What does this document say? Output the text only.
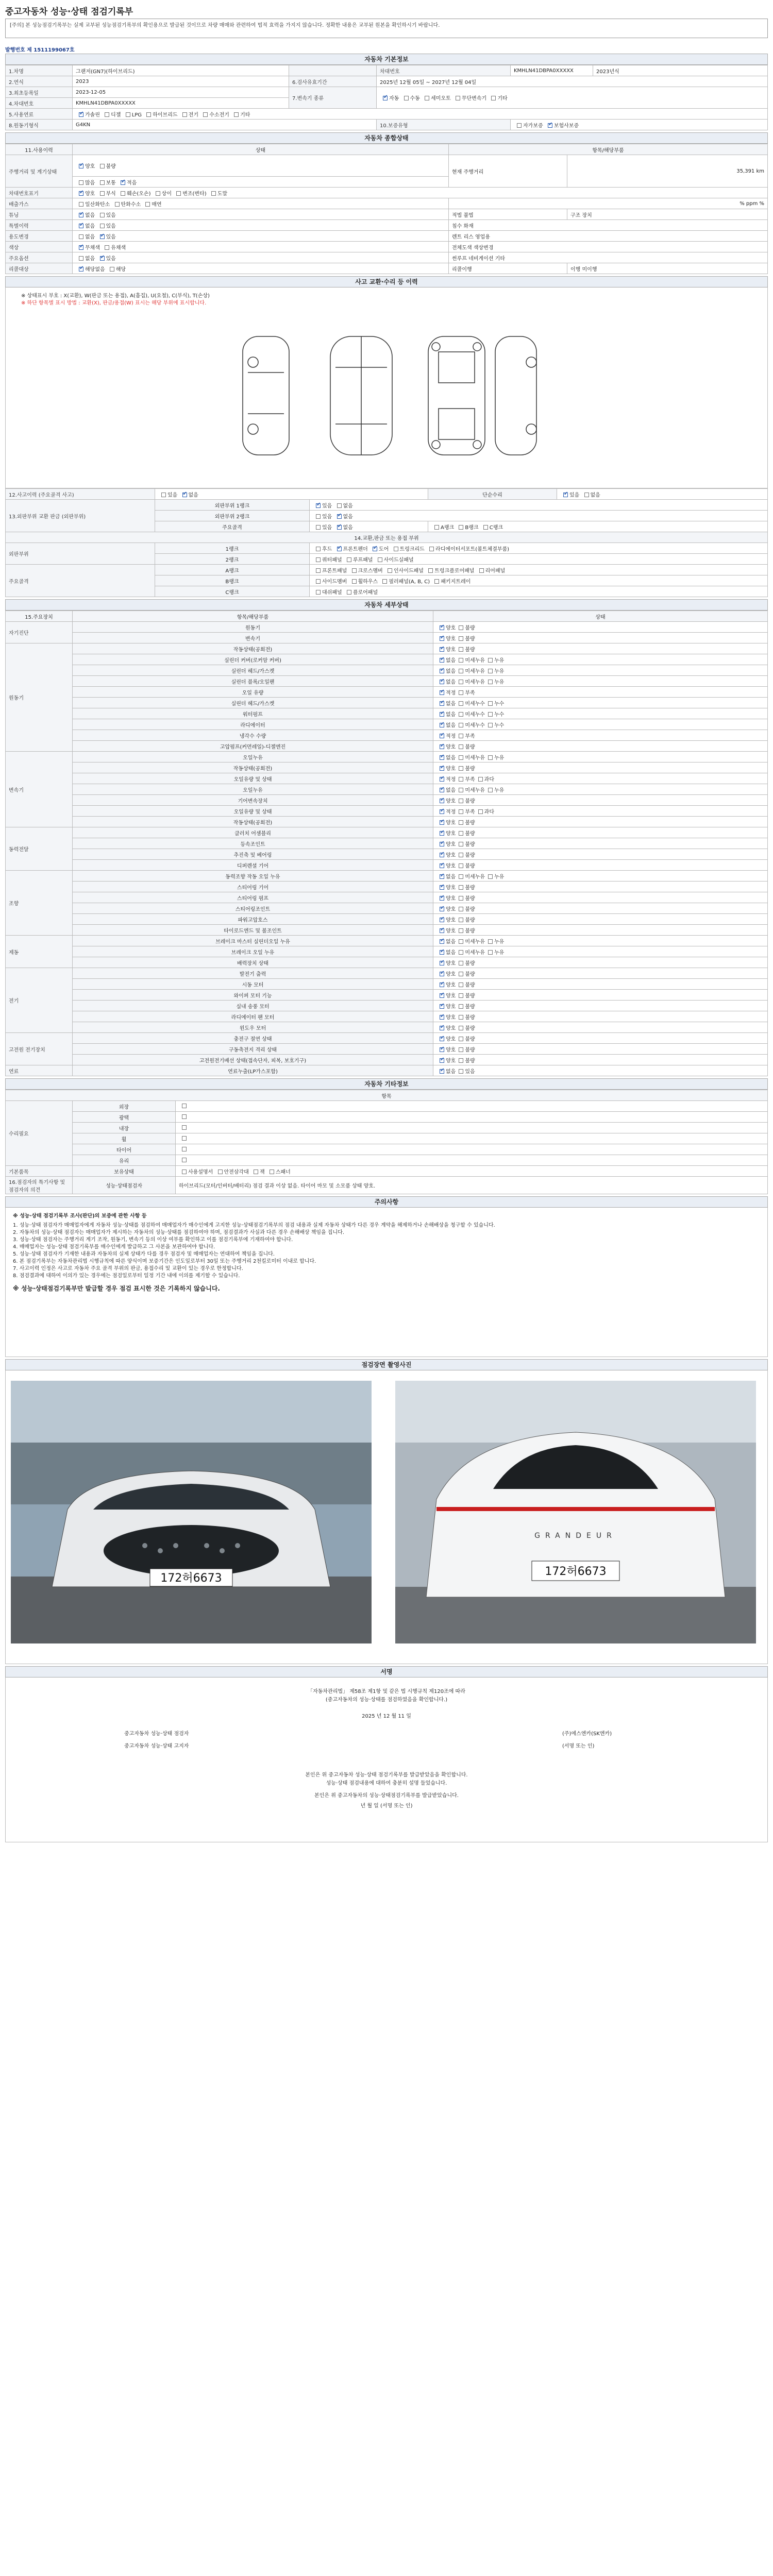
중고자동차 성능·상태 점검기록부
[주의] 본 성능점검기록부는 실제 교부된 성능점검기록부의 확인용으로 발급된 것이므로 차량 매매와 관련하여 법적 효력을 가지지 않습니다. 정확한 내용은 교부된 원본을 확인하시기 바랍니다.
발행번호 제 1511199067호
자동차 기본정보
1.차명	그랜저(GN7)(하이브리드)		차대번호	KMHLN41DBPA0XXXXX	2023년식
2.연식	2023	6.검사유효기간	2025년 12월 05일 ~ 2027년 12월 04일		
3.최초등록일	2023-12-05	7.변속기 종류	✔자동 수동 세미오토 무단변속기 기타
4.차대번호	KMHLN41DBPA0XXXXX				
5.사용연료	✔가솔린 디젤 LPG 하이브리드 전기 수소전기 기타
8.원동기형식	G4KN		10.보증유형	자가보증 ✔ 보험사보증
자동차 종합상태
11.사용이력	상태	항목/해당부품	
주행거리 및 계기상태	✔양호 불량	현재 주행거리	35,391 km
	많음 보통 ✔ 적음
차대번호표기	✔양호 부식 훼손(오손) 상이 변조(변타) 도말
배출가스	일산화탄소 탄화수소 매연	% ppm %	
튜닝	✔없음 있음	적법 불법	구조 장치
특별이력	✔없음 있음	침수 화재	
용도변경	없음 ✔ 있음	렌트 리스 영업용	
색상	✔무채색 유채색	전체도색 색상변경	
주요옵션	없음 ✔ 있음	썬루프 네비게이션 기타	
리콜대상	✔해당없음 해당	리콜이행	이행 미이행
사고 교환·수리 등 이력
※ 상태표시 부호 : X(교환), W(판금 또는 용접), A(흠집), U(요철), C(부식), T(손상)
※ 하단 항목별 표시 방법 : 교환(X), 판금/용접(W) 표시는 해당 부위에 표시합니다.
12.사고이력 (주요골격 사고)	있음 ✔ 없음		단순수리	✔있음 없음
13.외판부위 교환 판금 (외판부위)	외판부위 1랭크	✔있음 없음
	외판부위 2랭크	있음 ✔ 없음
	주요골격	있음 ✔ 없음	A랭크 B랭크 C랭크	
14.교환,판금 또는 용접 부위				
외판부위	1랭크	후드 ✔ 프론트펜더 ✔ 도어 트렁크리드 라디에이터서포트(볼트체결부품)
	2랭크	쿼터패널 루프패널 사이드실패널		
주요골격	A랭크	프론트패널 크로스멤버 인사이드패널 트렁크플로어패널 리어패널		
	B랭크	사이드멤버 휠하우스 필러패널(A, B, C) 패키지트레이		
	C랭크	대쉬패널 플로어패널		
자동차 세부상태
15.주요장치	항목/해당부품	상태
자기진단	원동기	✔양호 불량
	변속기	✔양호 불량
원동기	작동상태(공회전)	✔양호 불량
	실린더 커버(로커암 커버)	✔없음 미세누유 누유
	실린더 헤드/가스켓	✔없음 미세누유 누유
	실린더 블록/오일팬	✔없음 미세누유 누유
	오일 유량	✔적정 부족
	실린더 헤드/가스켓	✔없음 미세누수 누수
	워터펌프	✔없음 미세누수 누수
	라디에이터	✔없음 미세누수 누수
	냉각수 수량	✔적정 부족
	고압펌프(커먼레일)-디젤엔진	✔양호 불량
변속기	오일누유	✔없음 미세누유 누유
	작동상태(공회전)	✔양호 불량
	오일유량 및 상태	✔적정 부족 과다
	오일누유	✔없음 미세누유 누유
	기어변속장치	✔양호 불량
	오일유량 및 상태	✔적정 부족 과다
	작동상태(공회전)	✔양호 불량
동력전달	클러치 어셈블리	✔양호 불량
	등속조인트	✔양호 불량
	추진축 및 베어링	✔양호 불량
	디퍼렌셜 기어	✔양호 불량
조향	동력조향 작동 오일 누유	✔없음 미세누유 누유
	스티어링 기어	✔양호 불량
	스티어링 펌프	✔양호 불량
	스티어링조인트	✔양호 불량
	파워고압호스	✔양호 불량
	타이로드엔드 및 볼조인트	✔양호 불량
제동	브레이크 마스터 실린더오일 누유	✔없음 미세누유 누유
	브레이크 오일 누유	✔없음 미세누유 누유
	배력장치 상태	✔양호 불량
전기	발전기 출력	✔양호 불량
	시동 모터	✔양호 불량
	와이퍼 모터 기능	✔양호 불량
	실내 송풍 모터	✔양호 불량
	라디에이터 팬 모터	✔양호 불량
	윈도우 모터	✔양호 불량
고전원 전기장치	충전구 절연 상태	✔양호 불량
	구동축전지 격리 상태	✔양호 불량
	고전원전기배선 상태(접속단자, 피복, 보호기구)	✔양호 불량
연료	연료누출(LP가스포함)	✔없음 있음
자동차 기타정보
항목		
수리필요	외장	
	광택	
	내장	
	휠	
	타이어	
	유리	
기본품목	보유상태	사용설명서 안전삼각대 잭 스패너
16.점검자의 특기사항 및 점검자의 의견	성능·상태점검자	하이브리드(모터/인버터/배터리) 점검 결과 이상 없음. 타이어 마모 및 소모품 상태 양호.
주의사항
※ 성능·상태 점검기록부 조사(판단)의 보증에 관한 사항 등
1. 성능·상태 점검자가 매매업자에게 자동차 성능·상태를 점검하여 매매업자가 매수인에게 고지한 성능·상태점검기록부의 점검 내용과 실제 자동차 상태가 다른 경우 계약을 해제하거나 손해배상을 청구할 수 있습니다.
2. 자동차의 성능·상태 점검자는 매매업자가 제시하는 자동차의 성능·상태를 점검하여야 하며, 점검결과가 사실과 다른 경우 손해배상 책임을 집니다.
3. 성능·상태 점검자는 주행거리 계기 조작, 원동기, 변속기 등의 이상 여부를 확인하고 이를 점검기록부에 기재하여야 합니다.
4. 매매업자는 성능·상태 점검기록부를 매수인에게 발급하고 그 사본을 보관하여야 합니다.
5. 성능·상태 점검자가 기재한 내용과 자동차의 실제 상태가 다를 경우 점검자 및 매매업자는 연대하여 책임을 집니다.
6. 본 점검기록부는 자동차관리법 시행규칙에 따른 양식이며 보증기간은 인도일로부터 30일 또는 주행거리 2천킬로미터 이내로 합니다.
7. 사고이력 인정은 사고로 자동차 주요 골격 부위의 판금, 용접수리 및 교환이 있는 경우로 한정합니다.
8. 점검결과에 대하여 이의가 있는 경우에는 점검일로부터 일정 기간 내에 이의를 제기할 수 있습니다.
※ 성능·상태점검기록부만 발급할 경우 점검 표시한 것은 기록하지 않습니다.
점검장면 촬영사진
172허6673
GRANDEUR
172허6673
서명
「자동차관리법」 제58조 제1항 및 같은 법 시행규칙 제120조에 따라
(중고자동차의 성능·상태를 점검하였음을 확인합니다.)
2025 년 12 월 11 일
중고자동차 성능·상태 점검자
중고자동차 성능·상태 고지자
(주)에스엔카(SK엔카)
(서명 또는 인)
본인은 위 중고자동차 성능·상태 점검기록부를 발급받았음을 확인합니다.
성능·상태 점검내용에 대하여 충분히 설명 들었습니다.
본인은 위 중고자동차의 성능·상태점검기록부를 발급받았습니다.
년 월 일 (서명 또는 인)
